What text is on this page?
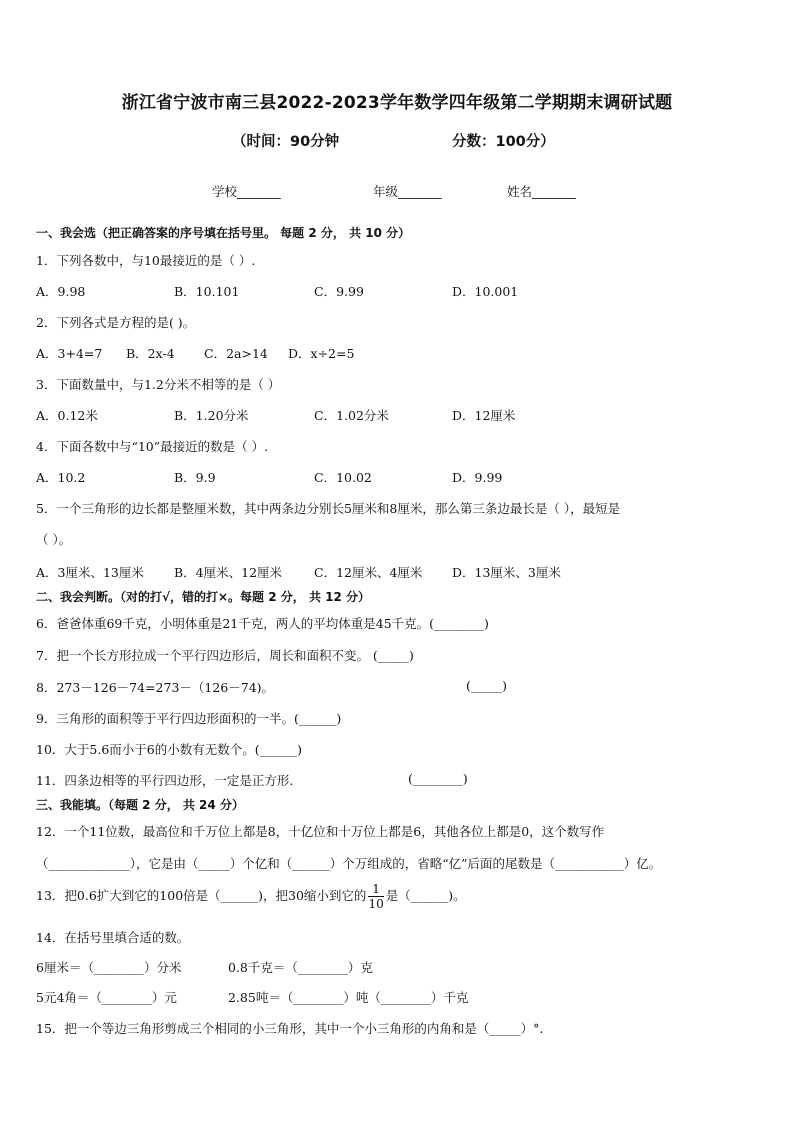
浙江省宁波市南三县2022-2023学年数学四年级第二学期期末调研试题
（时间：90分钟	分数：100分）
学校_______	年级_______	姓名_______
一、我会选（把正确答案的序号填在括号里。 每题 2 分， 共 10 分）
1．下列各数中，与10最接近的是（ ）.
A．9.98	B．10.101	C．9.99	D．10.001
2．下列各式是方程的是( )。
A．3+4=7 B．2x-4 C．2a>14 D．x÷2=5
3．下面数量中，与1.2分米不相等的是（ ）
A．0.12米	B．1.20分米	C．1.02分米	D．12厘米
4．下面各数中与“10”最接近的数是（ ）.
A．10.2	B．9.9	C．10.02	D．9.99
5．一个三角形的边长都是整厘米数，其中两条边分别长5厘米和8厘米，那么第三条边最长是（ ），最短是
（ ）。
A．3厘米、13厘米 B．4厘米、12厘米	C．12厘米、4厘米 D．13厘米、3厘米
二、我会判断。（对的打√，错的打×。每题 2 分， 共 12 分）
6．爸爸体重69千克，小明体重是21千克，两人的平均体重是45千克。(________)
7．把一个长方形拉成一个平行四边形后，周长和面积不变。 (_____)
8．273－126－74=273－（126－74)。	(_____)
9．三角形的面积等于平行四边形面积的一半。(______)
10．大于5.6而小于6的小数有无数个。(______)
11．四条边相等的平行四边形，一定是正方形.	(________)
三、我能填。（每题 2 分， 共 24 分）
12．一个11位数，最高位和千万位上都是8，十亿位和十万位上都是6，其他各位上都是0，这个数写作
（_____________），它是由（_____）个亿和（______）个万组成的，省略“亿”后面的尾数是（___________）亿。
13．把0.6扩大到它的100倍是（______)，把30缩小到它的 $\frac{1}{10}$ 是（______)。
14．在括号里填合适的数。
6厘米＝（________）分米	0.8千克＝（________）克
5元4角＝（________）元	2.85吨＝（________）吨（________）千克
15．把一个等边三角形剪成三个相同的小三角形，其中一个小三角形的内角和是（_____）°.
